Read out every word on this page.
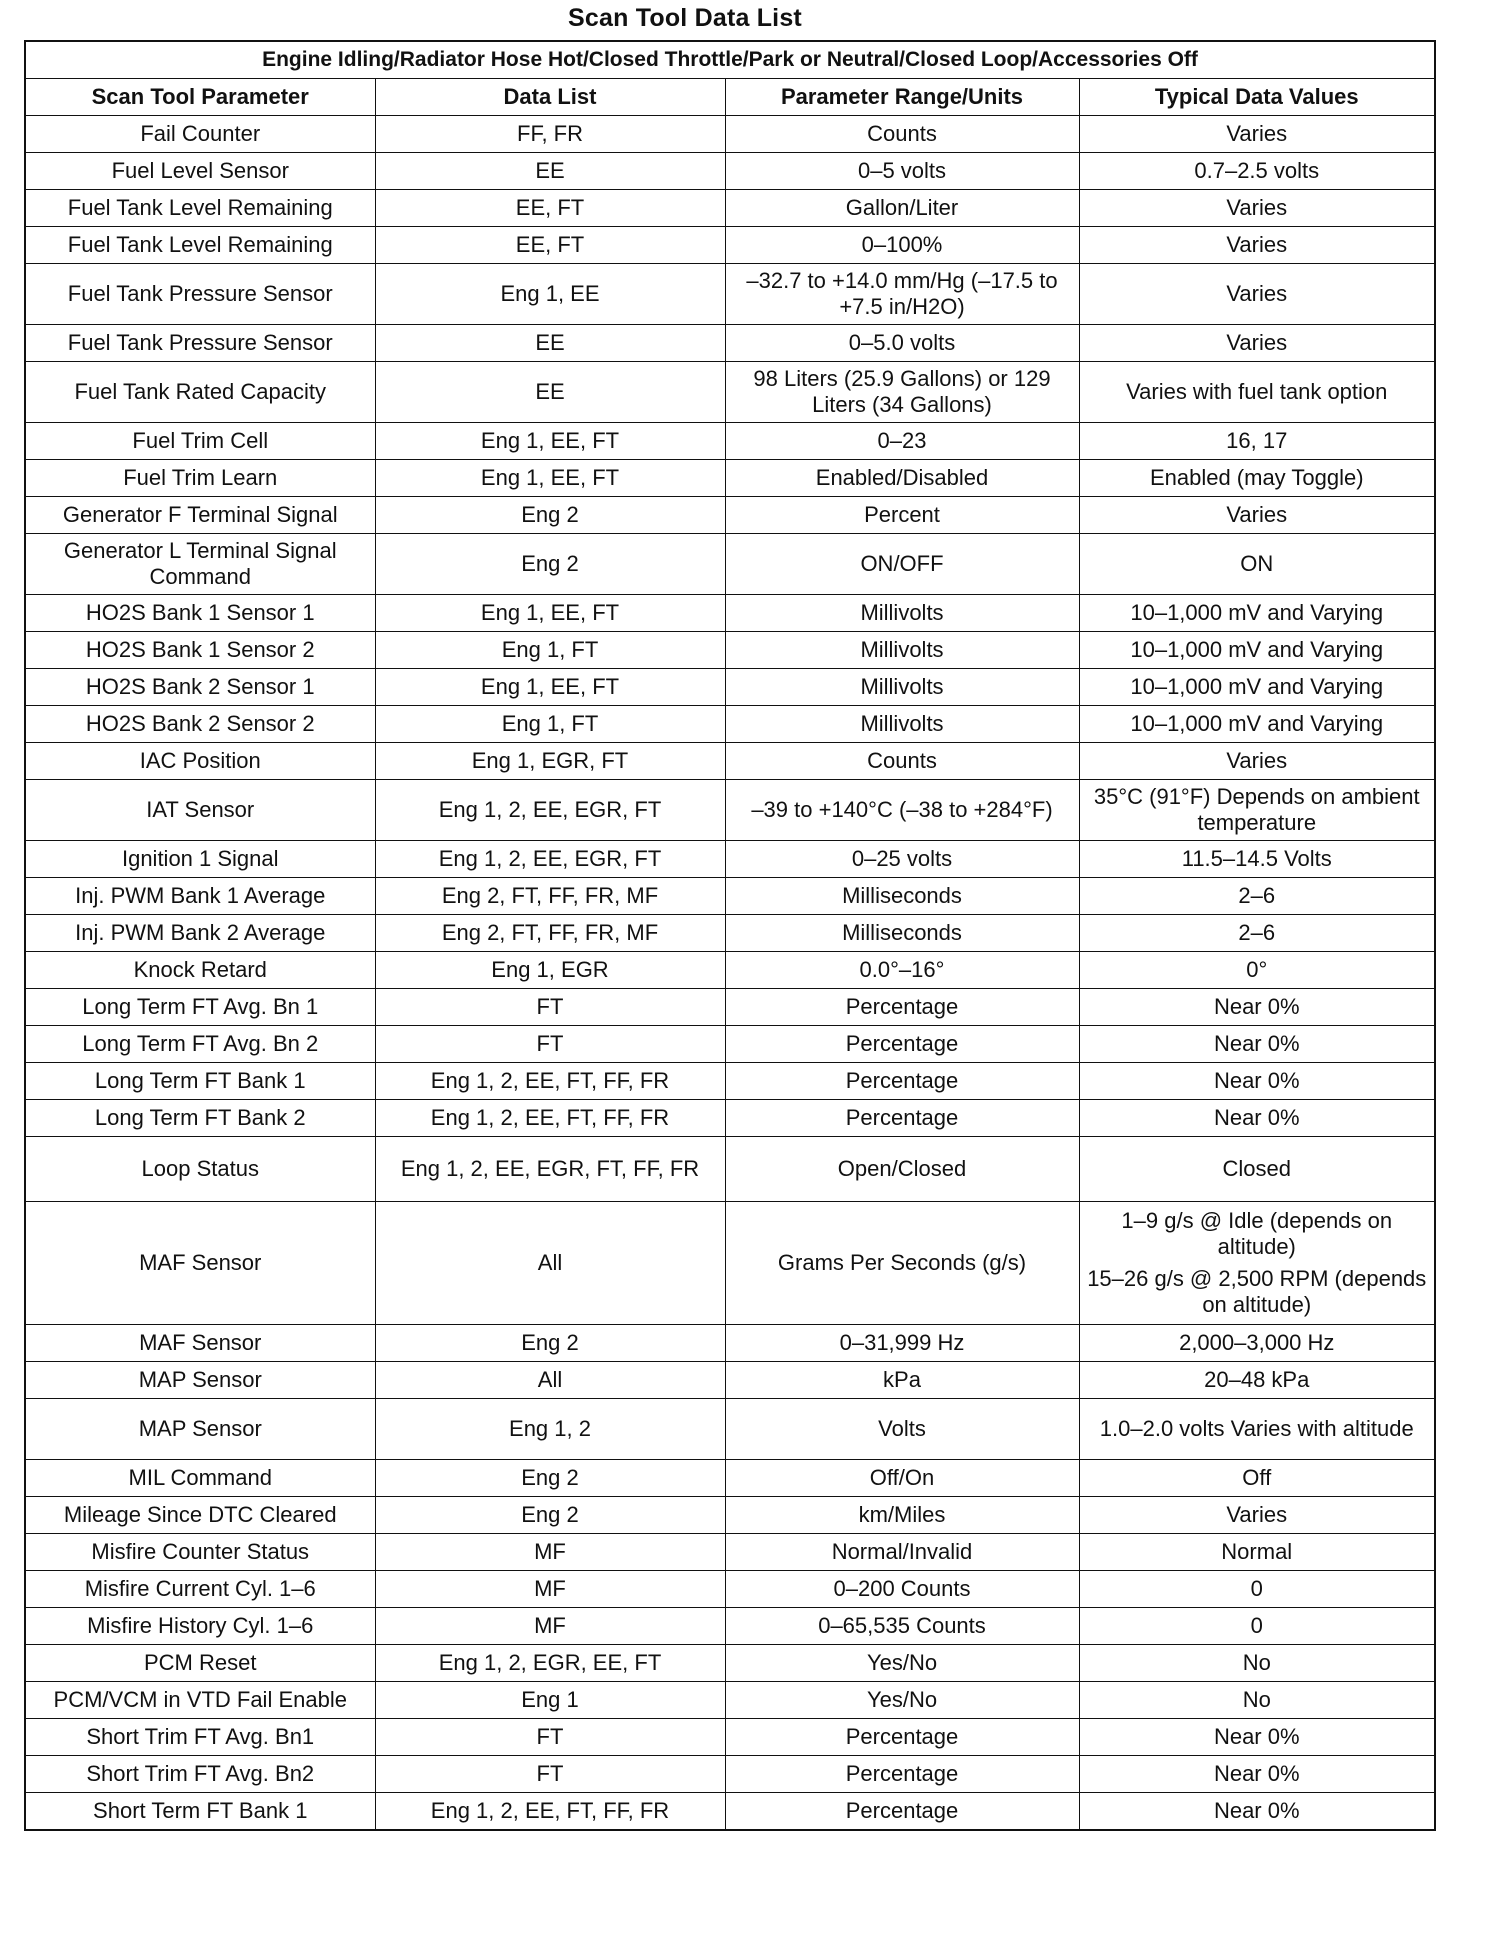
Scan Tool Data List
Engine Idling/Radiator Hose Hot/Closed Throttle/Park or Neutral/Closed Loop/Accessories Off			
Scan Tool Parameter	Data List	Parameter Range/Units	Typical Data Values
Fail Counter	FF, FR	Counts	Varies
Fuel Level Sensor	EE	0–5 volts	0.7–2.5 volts
Fuel Tank Level Remaining	EE, FT	Gallon/Liter	Varies
Fuel Tank Level Remaining	EE, FT	0–100%	Varies
Fuel Tank Pressure Sensor	Eng 1, EE	–32.7 to +14.0 mm/Hg (–17.5 to +7.5 in/H2O)	Varies
Fuel Tank Pressure Sensor	EE	0–5.0 volts	Varies
Fuel Tank Rated Capacity	EE	98 Liters (25.9 Gallons) or 129 Liters (34 Gallons)	Varies with fuel tank option
Fuel Trim Cell	Eng 1, EE, FT	0–23	16, 17
Fuel Trim Learn	Eng 1, EE, FT	Enabled/Disabled	Enabled (may Toggle)
Generator F Terminal Signal	Eng 2	Percent	Varies
Generator L Terminal Signal Command	Eng 2	ON/OFF	ON
HO2S Bank 1 Sensor 1	Eng 1, EE, FT	Millivolts	10–1,000 mV and Varying
HO2S Bank 1 Sensor 2	Eng 1, FT	Millivolts	10–1,000 mV and Varying
HO2S Bank 2 Sensor 1	Eng 1, EE, FT	Millivolts	10–1,000 mV and Varying
HO2S Bank 2 Sensor 2	Eng 1, FT	Millivolts	10–1,000 mV and Varying
IAC Position	Eng 1, EGR, FT	Counts	Varies
IAT Sensor	Eng 1, 2, EE, EGR, FT	–39 to +140°C (–38 to +284°F)	35°C (91°F) Depends on ambient temperature
Ignition 1 Signal	Eng 1, 2, EE, EGR, FT	0–25 volts	11.5–14.5 Volts
Inj. PWM Bank 1 Average	Eng 2, FT, FF, FR, MF	Milliseconds	2–6
Inj. PWM Bank 2 Average	Eng 2, FT, FF, FR, MF	Milliseconds	2–6
Knock Retard	Eng 1, EGR	0.0°–16°	0°
Long Term FT Avg. Bn 1	FT	Percentage	Near 0%
Long Term FT Avg. Bn 2	FT	Percentage	Near 0%
Long Term FT Bank 1	Eng 1, 2, EE, FT, FF, FR	Percentage	Near 0%
Long Term FT Bank 2	Eng 1, 2, EE, FT, FF, FR	Percentage	Near 0%
Loop Status	Eng 1, 2, EE, EGR, FT, FF, FR	Open/Closed	Closed
MAF Sensor	All	Grams Per Seconds (g/s)	1–9 g/s @ Idle (depends on altitude)
15–26 g/s @ 2,500 RPM (depends on altitude)

MAF Sensor	Eng 2	0–31,999 Hz	2,000–3,000 Hz
MAP Sensor	All	kPa	20–48 kPa
MAP Sensor	Eng 1, 2	Volts	1.0–2.0 volts Varies with altitude
MIL Command	Eng 2	Off/On	Off
Mileage Since DTC Cleared	Eng 2	km/Miles	Varies
Misfire Counter Status	MF	Normal/Invalid	Normal
Misfire Current Cyl. 1–6	MF	0–200 Counts	0
Misfire History Cyl. 1–6	MF	0–65,535 Counts	0
PCM Reset	Eng 1, 2, EGR, EE, FT	Yes/No	No
PCM/VCM in VTD Fail Enable	Eng 1	Yes/No	No
Short Trim FT Avg. Bn1	FT	Percentage	Near 0%
Short Trim FT Avg. Bn2	FT	Percentage	Near 0%
Short Term FT Bank 1	Eng 1, 2, EE, FT, FF, FR	Percentage	Near 0%
